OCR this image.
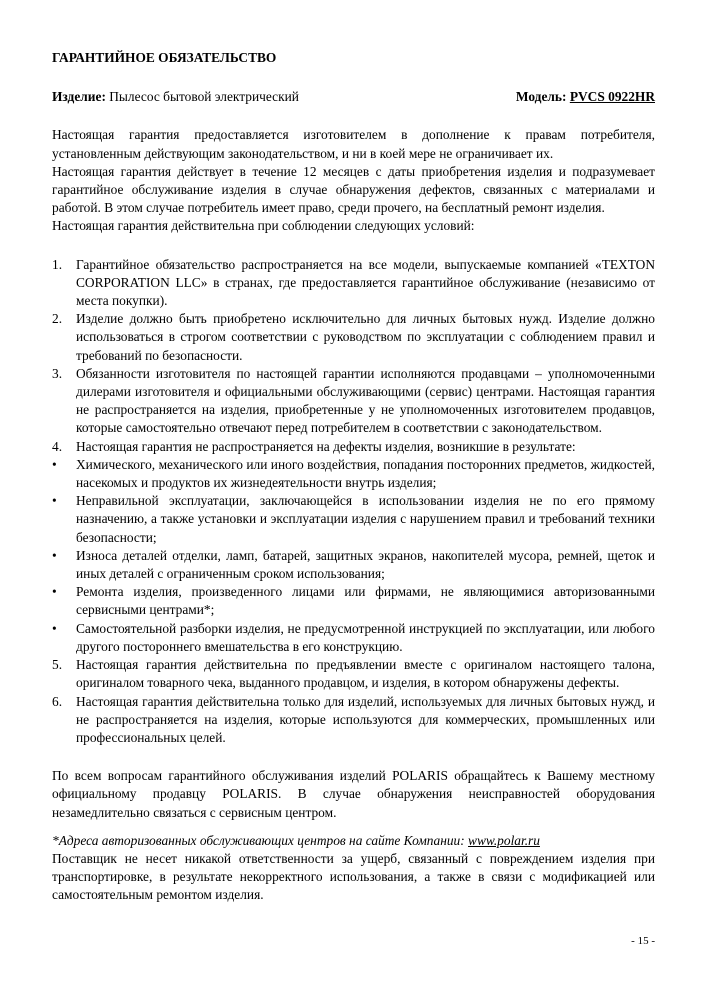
ГАРАНТИЙНОЕ ОБЯЗАТЕЛЬСТВО
Изделие: Пылесос бытовой электрический	Модель: PVCS 0922HR

Настоящая гарантия предоставляется изготовителем в дополнение к правам потребителя, установленным действующим законодательством, и ни в коей мере не ограничивает их.

Настоящая гарантия действует в течение 12 месяцев с даты приобретения изделия и подразумевает гарантийное обслуживание изделия в случае обнаружения дефектов, связанных с материалами и работой. В этом случае потребитель имеет право, среди прочего, на бесплатный ремонт изделия.

Настоящая гарантия действительна при соблюдении следующих условий:

1. Гарантийное обязательство распространяется на все модели, выпускаемые компанией «TEXTON CORPORATION LLC» в странах, где предоставляется гарантийное обслуживание (независимо от места покупки).
2. Изделие должно быть приобретено исключительно для личных бытовых нужд. Изделие должно использоваться в строгом соответствии с руководством по эксплуатации с соблюдением правил и требований по безопасности.
3. Обязанности изготовителя по настоящей гарантии исполняются продавцами – уполномоченными дилерами изготовителя и официальными обслуживающими (сервис) центрами. Настоящая гарантия не распространяется на изделия, приобретенные у не уполномоченных изготовителем продавцов, которые самостоятельно отвечают перед потребителем в соответствии с законодательством.
4. Настоящая гарантия не распространяется на дефекты изделия, возникшие в результате:
• Химического, механического или иного воздействия, попадания посторонних предметов, жидкостей, насекомых и продуктов их жизнедеятельности внутрь изделия;
• Неправильной эксплуатации, заключающейся в использовании изделия не по его прямому назначению, а также установки и эксплуатации изделия с нарушением правил и требований техники безопасности;
• Износа деталей отделки, ламп, батарей, защитных экранов, накопителей мусора, ремней, щеток и иных деталей с ограниченным сроком использования;
• Ремонта изделия, произведенного лицами или фирмами, не являющимися авторизованными сервисными центрами*;
• Самостоятельной разборки изделия, не предусмотренной инструкцией по эксплуатации, или любого другого постороннего вмешательства в его конструкцию.
5. Настоящая гарантия действительна по предъявлении вместе с оригиналом настоящего талона, оригиналом товарного чека, выданного продавцом, и изделия, в котором обнаружены дефекты.
6. Настоящая гарантия действительна только для изделий, используемых для личных бытовых нужд, и не распространяется на изделия, которые используются для коммерческих, промышленных или профессиональных целей.

По всем вопросам гарантийного обслуживания изделий POLARIS обращайтесь к Вашему местному официальному продавцу POLARIS. В случае обнаружения неисправностей оборудования незамедлительно связаться с сервисным центром.

*Адреса авторизованных обслуживающих центров на сайте Компании: www.polar.ru

Поставщик не несет никакой ответственности за ущерб, связанный с повреждением изделия при транспортировке, в результате некорректного использования, а также в связи с модификацией или самостоятельным ремонтом изделия.

- 15 -
